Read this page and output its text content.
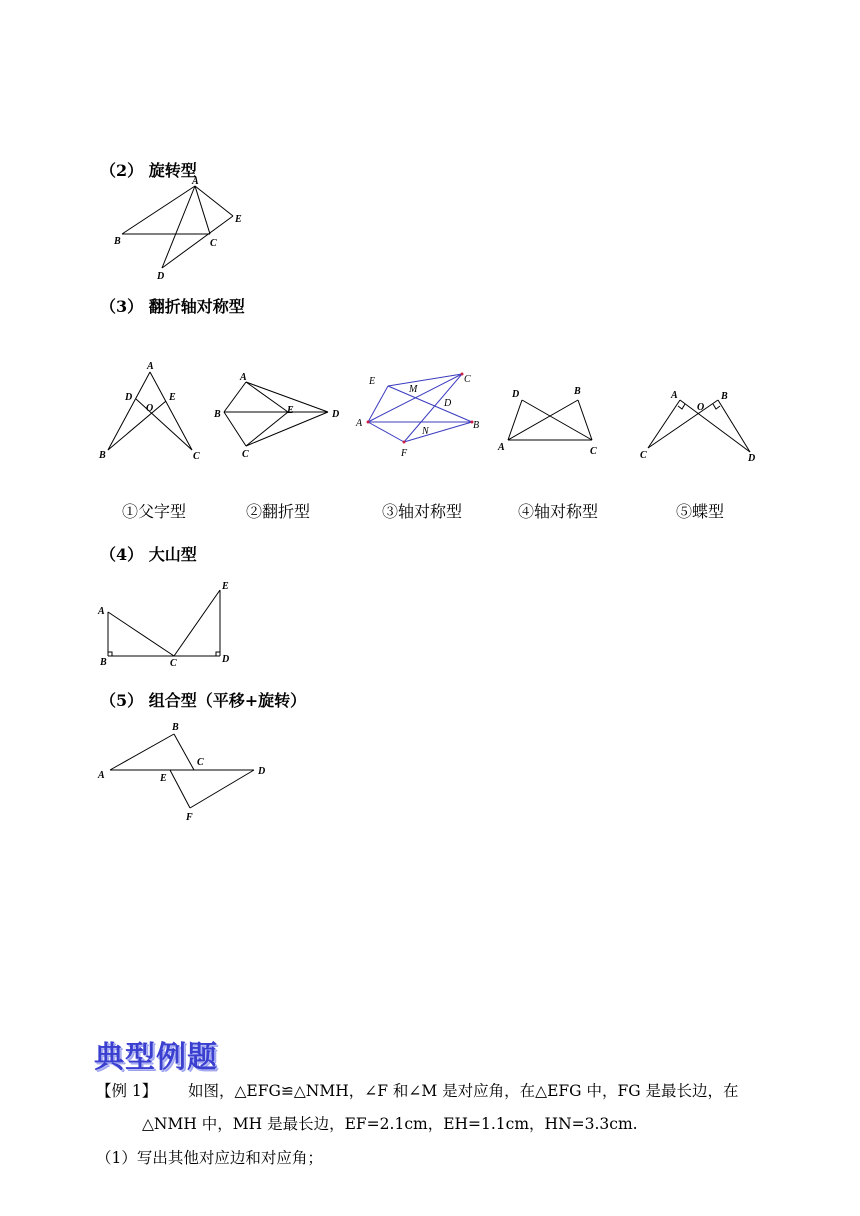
（2） 旋转型
A
B	C
D
E
（3） 翻折轴对称型
A
D
O
E
B	C
A
B	E	D
C
E
M
C
D
A	B
N
F
D	B
A	C
A
O
B
C	D
①父字型	②翻折型	③轴对称型	④轴对称型	⑤蝶型
（4） 大山型
A
E
B	C	D
（5） 组合型（平移+旋转）
B
C
A	E
D
F
典型例题
【例 1】 如图，△EFG≌△NMH，∠F 和∠M 是对应角，在△EFG 中，FG 是最长边，在
△NMH 中，MH 是最长边，EF=2.1cm，EH=1.1cm，HN=3.3cm.
（1）写出其他对应边和对应角；
